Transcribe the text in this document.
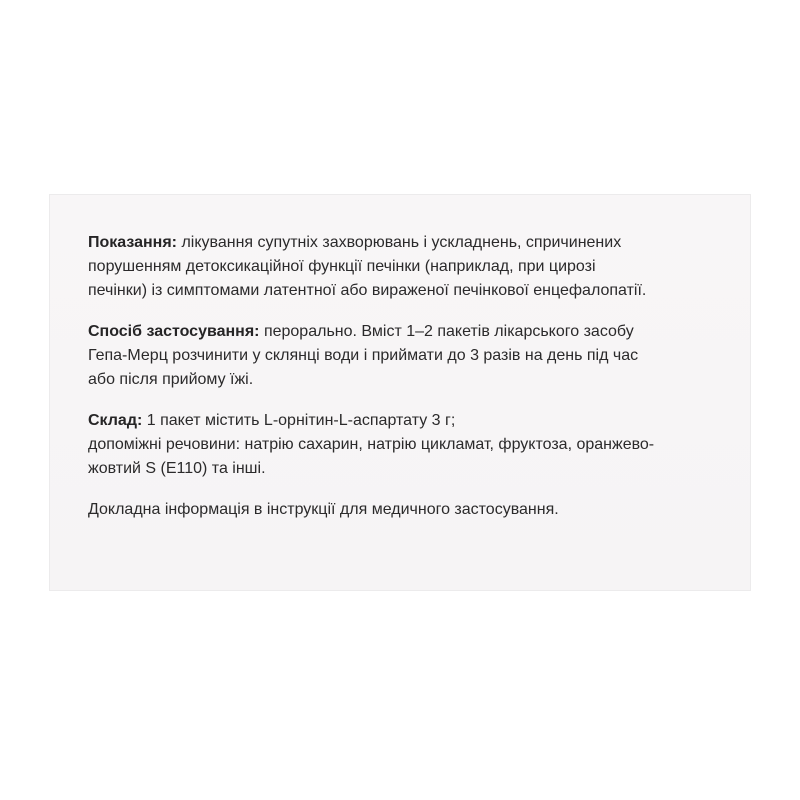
Показання: лікування супутніх захворювань і ускладнень, спричинених
порушенням детоксикаційної функції печінки (наприклад, при цирозі
печінки) із симптомами латентної або вираженої печінкової енцефалопатії.
Спосіб застосування: перорально. Вміст 1–2 пакетів лікарського засобу
Гепа-Мерц розчинити у склянці води і приймати до 3 разів на день під час
або після прийому їжі.
Склад: 1 пакет містить L-орнітин-L-аспартату 3 г;
допоміжні речовини: натрію сахарин, натрію цикламат, фруктоза, оранжево-
жовтий S (E110) та інші.
Докладна інформація в інструкції для медичного застосування.
